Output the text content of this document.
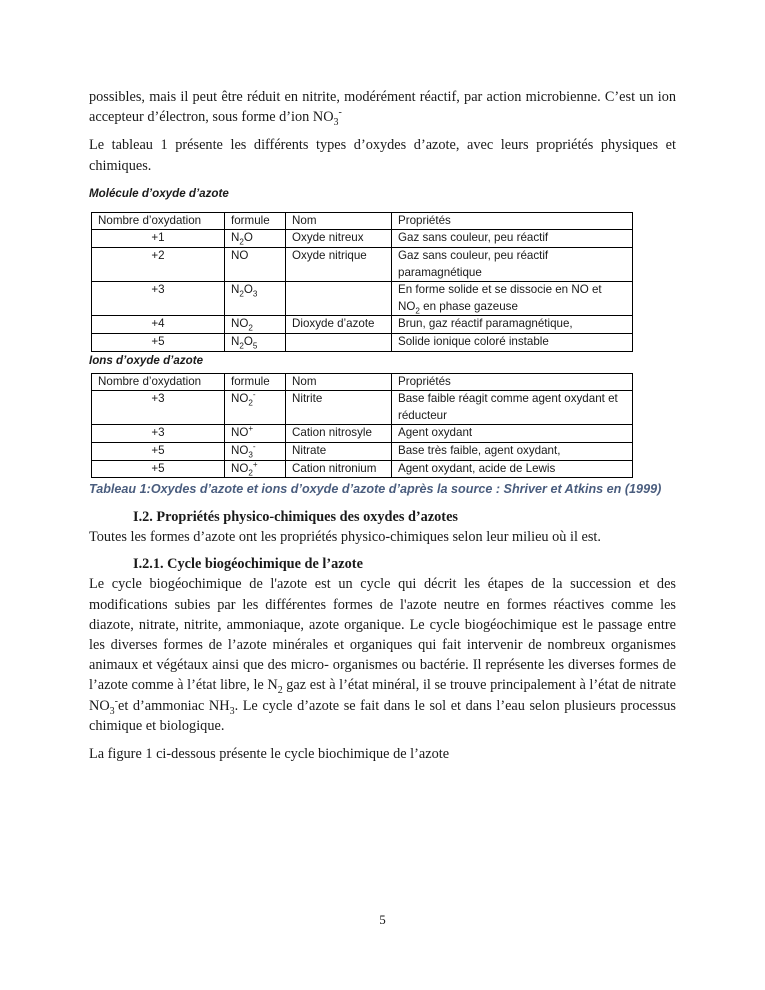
possibles, mais il peut être réduit en nitrite, modérément réactif, par action microbienne. C’est un ion accepteur d’électron, sous forme d’ion $NO_3^-$

Le tableau 1 présente les différents types d’oxydes d’azote, avec leurs propriétés physiques et chimiques.

Molécule d’oxyde d’azote
Nombre d’oxydation	formule	Nom	Propriétés
+1	$N_2O$	Oxyde nitreux	Gaz sans couleur, peu réactif
+2	NO	Oxyde nitrique	Gaz sans couleur, peu réactif paramagnétique
+3	$N_2O_3$		En forme solide et se dissocie en NO et $NO_2$ en phase gazeuse
+4	$NO_2$	Dioxyde d’azote	Brun, gaz réactif paramagnétique,
+5	$N_2O_5$		Solide ionique coloré instable
Ions d’oxyde d’azote
Nombre d’oxydation	formule	Nom	Propriétés
+3	$NO_2^-$	Nitrite	Base faible réagit comme agent oxydant et réducteur
+3	NO+	Cation nitrosyle	Agent oxydant
+5	$NO_3^-$	Nitrate	Base très faible, agent oxydant,
+5	$NO_2^+$	Cation nitronium	Agent oxydant, acide de Lewis
Tableau 1:Oxydes d’azote et ions d’oxyde d’azote d’après la source : Shriver et Atkins en (1999)
I.2. Propriétés physico-chimiques des oxydes d’azotes

Toutes les formes d’azote ont les propriétés physico-chimiques selon leur milieu où il est.

I.2.1. Cycle biogéochimique de l’azote

Le cycle biogéochimique de l'azote est un cycle qui décrit les étapes de la succession et des modifications subies par les différentes formes de l'azote neutre en formes réactives comme les diazote, nitrate, nitrite, ammoniaque, azote organique. Le cycle biogéochimique est le passage entre les diverses formes de l’azote minérales et organiques qui fait intervenir de nombreux organismes animaux et végétaux ainsi que des micro- organismes ou bactérie. Il représente les diverses formes de l’azote comme à l’état libre, le $N_2$ gaz est à l’état minéral, il se trouve principalement à l’état de nitrate $NO_3^-et$ d’ammoniac $NH_3$. Le cycle d’azote se fait dans le sol et dans l’eau selon plusieurs processus chimique et biologique.

La figure 1 ci-dessous présente le cycle biochimique de l’azote

5
